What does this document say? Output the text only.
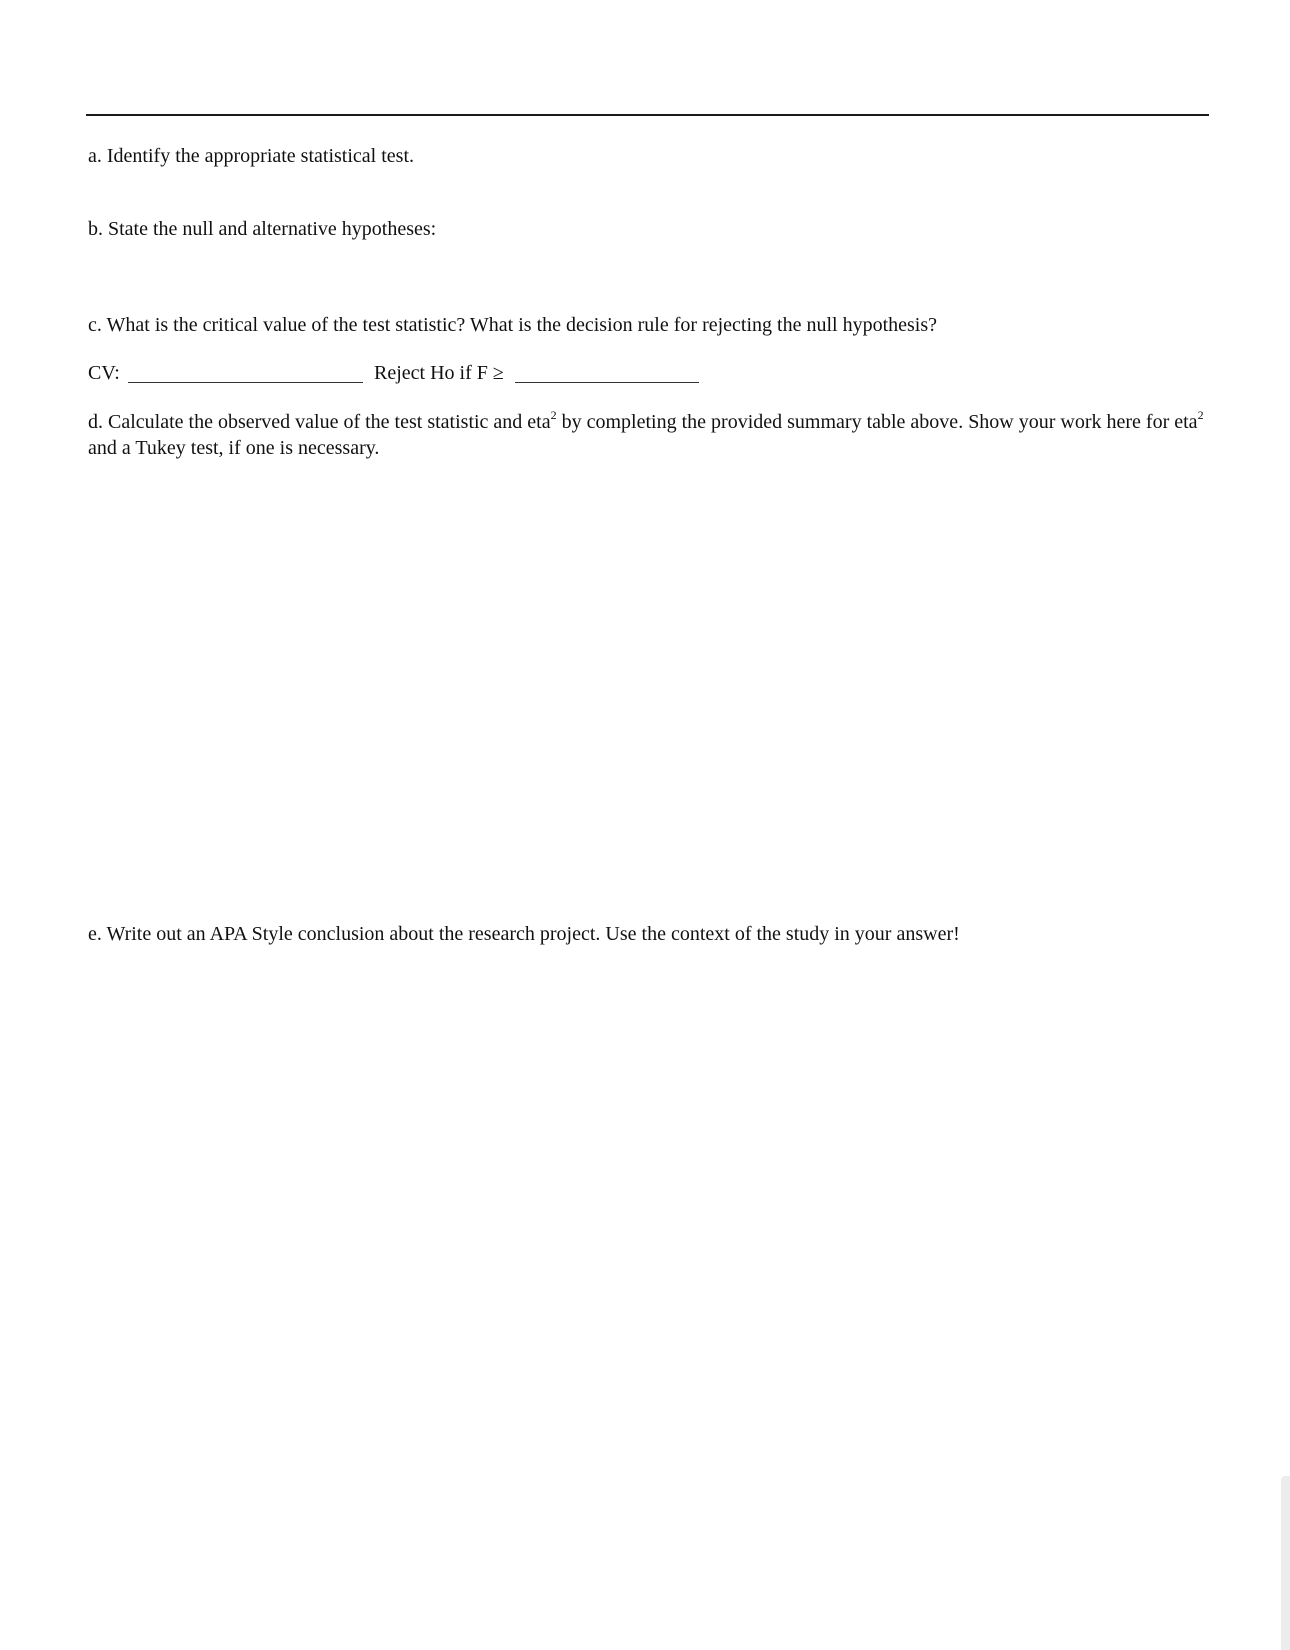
a. Identify the appropriate statistical test.
b. State the null and alternative hypotheses:
c. What is the critical value of the test statistic? What is the decision rule for rejecting the null hypothesis?
CV:	Reject Ho if F ≥
d. Calculate the observed value of the test statistic and eta$^2$ by completing the provided summary table above. Show your work here for eta$^2$ and a Tukey test, if one is necessary.
e. Write out an APA Style conclusion about the research project. Use the context of the study in your answer!
